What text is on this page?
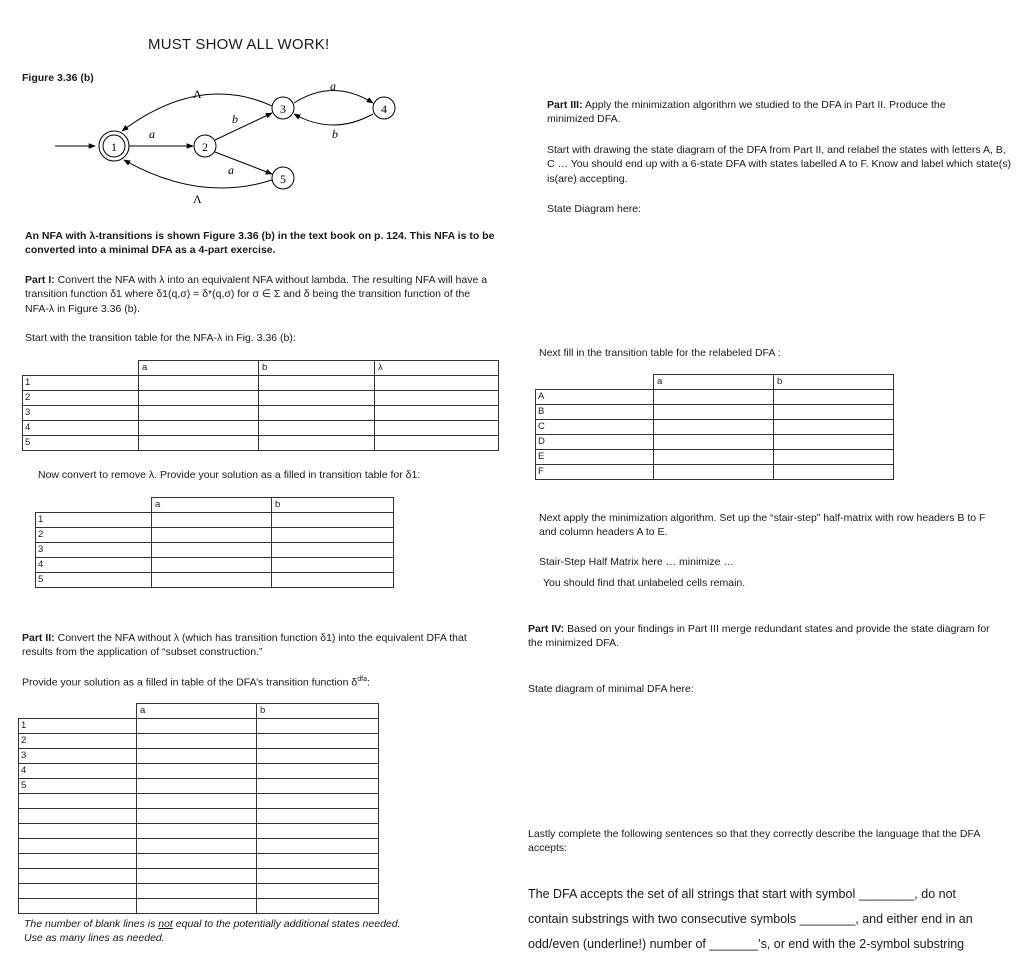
MUST SHOW ALL WORK!
Figure 3.36 (b)
1	2
3	4
5
a
b
a
a
b
Λ
Λ
An NFA with λ-transitions is shown Figure 3.36 (b) in the text book on p. 124. This NFA is to be converted into a minimal DFA as a 4-part exercise.
Part I: Convert the NFA with λ into an equivalent NFA without lambda. The resulting NFA will have a transition function δ1 where δ1(q,σ) = δ*(q,σ) for σ ∈ Σ and δ being the transition function of the NFA-λ in Figure 3.36 (b).
Start with the transition table for the NFA-λ in Fig. 3.36 (b):
	a	b	λ
1			
2			
3			
4			
5			
Now convert to remove λ. Provide your solution as a filled in transition table for δ1:
	a	b
1		
2		
3		
4		
5		
Part II: Convert the NFA without λ (which has transition function δ1) into the equivalent DFA that results from the application of “subset construction.”
Provide your solution as a filled in table of the DFA’s transition function $\delta^{dfa}$:
	a	b
1		
2		
3		
4		
5		

The number of blank lines is not equal to the potentially additional states needed.
Use as many lines as needed.
Part III: Apply the minimization algorithm we studied to the DFA in Part II. Produce the minimized DFA.
Start with drawing the state diagram of the DFA from Part II, and relabel the states with letters A, B, C … You should end up with a 6-state DFA with states labelled A to F. Know and label which state(s) is(are) accepting.
State Diagram here:
Next fill in the transition table for the relabeled DFA :
	a	b
A		
B		
C		
D		
E		
F		
Next apply the minimization algorithm. Set up the “stair-step” half-matrix with row headers B to F and column headers A to E.
Stair-Step Half Matrix here … minimize …
You should find that unlabeled cells remain.
Part IV: Based on your findings in Part III merge redundant states and provide the state diagram for the minimized DFA.
State diagram of minimal DFA here:
Lastly complete the following sentences so that they correctly describe the language that the DFA accepts:
The DFA accepts the set of all strings that start with symbol ________, do not
contain substrings with two consecutive symbols ________, and either end in an
odd/even (underline!) number of _______’s, or end with the 2-symbol substring
